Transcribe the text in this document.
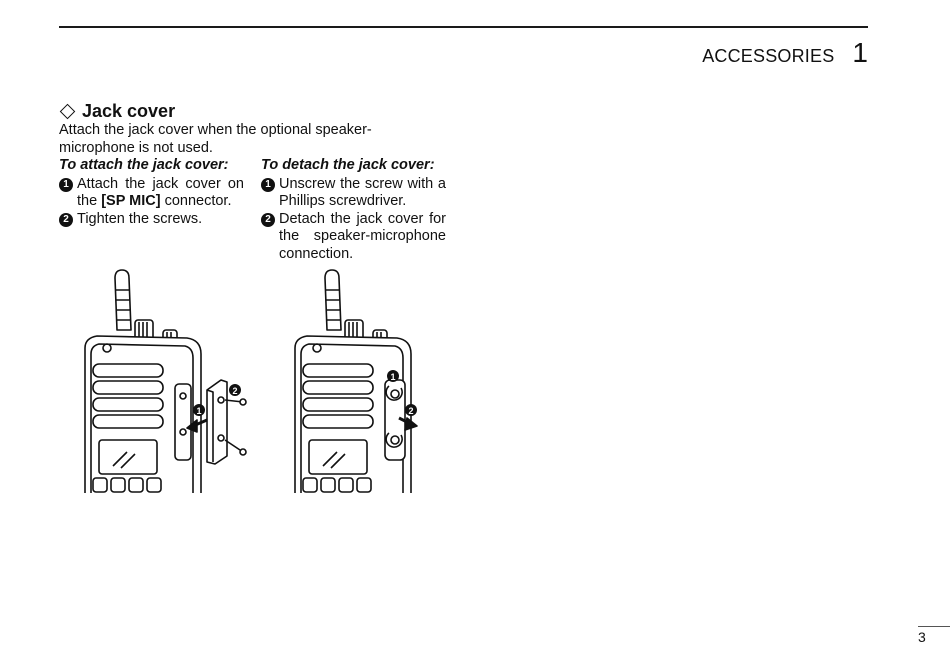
ACCESSORIES 1
Jack cover
Attach the jack cover when the optional speaker-microphone is not used.
To attach the jack cover:
1 Attach the jack cover on the [SP MIC] connector.
2 Tighten the screws.
To detach the jack cover:
1 Unscrew the screw with a Phillips screwdriver.
2 Detach the jack cover for the speaker-microphone connection.
1
2
1
2
3
